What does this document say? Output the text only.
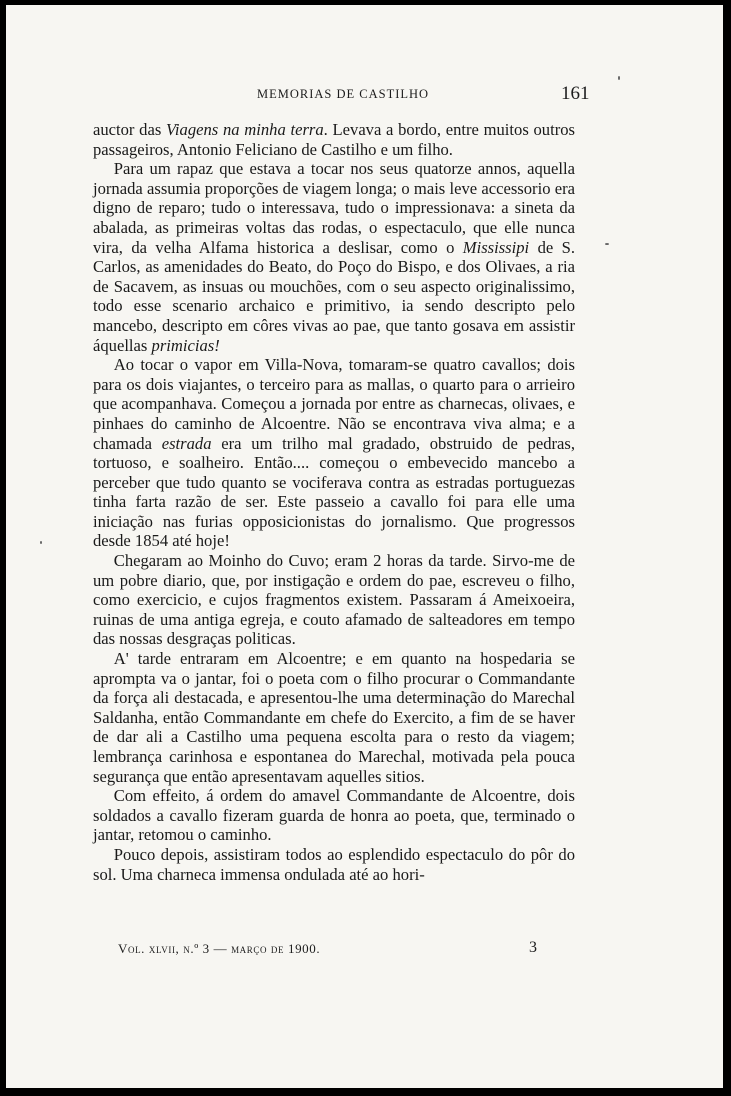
MEMORIAS DE CASTILHO	161

auctor das Viagens na minha terra. Levava a bordo, entre muitos outros passageiros, Antonio Feliciano de Castilho e um filho.

Para um rapaz que estava a tocar nos seus quatorze annos, aquella jornada assumia proporções de viagem longa; o mais leve accessorio era digno de reparo; tudo o interessava, tudo o impressionava: a sineta da abalada, as primeiras voltas das rodas, o espectaculo, que elle nunca vira, da velha Alfama historica a deslisar, como o Mississipi de S. Carlos, as amenidades do Beato, do Poço do Bispo, e dos Olivaes, a ria de Sacavem, as insuas ou mouchões, com o seu aspecto originalissimo, todo esse scenario archaico e primitivo, ia sendo descripto pelo mancebo, descripto em côres vivas ao pae, que tanto gosava em assistir áquellas primicias!

Ao tocar o vapor em Villa-Nova, tomaram-se quatro cavallos; dois para os dois viajantes, o terceiro para as mallas, o quarto para o arrieiro que acompanhava. Começou a jornada por entre as charnecas, olivaes, e pinhaes do caminho de Alcoentre. Não se encontrava viva alma; e a chamada estrada era um trilho mal gradado, obstruido de pedras, tortuoso, e soalheiro. Então.... começou o embevecido mancebo a perceber que tudo quanto se vociferava contra as estradas portuguezas tinha farta razão de ser. Este passeio a cavallo foi para elle uma iniciação nas furias opposicionistas do jornalismo. Que progressos desde 1854 até hoje!

Chegaram ao Moinho do Cuvo; eram 2 horas da tarde. Sirvo-me de um pobre diario, que, por instigação e ordem do pae, escreveu o filho, como exercicio, e cujos fragmentos existem. Passaram á Ameixoeira, ruinas de uma antiga egreja, e couto afamado de salteadores em tempo das nossas desgraças politicas.

A' tarde entraram em Alcoentre; e em quanto na hospedaria se aprompta va o jantar, foi o poeta com o filho procurar o Commandante da força ali destacada, e apresentou-lhe uma determinação do Marechal Saldanha, então Commandante em chefe do Exercito, a fim de se haver de dar ali a Castilho uma pequena escolta para o resto da viagem; lembrança carinhosa e espontanea do Marechal, motivada pela pouca segurança que então apresentavam aquelles sitios.

Com effeito, á ordem do amavel Commandante de Alcoentre, dois soldados a cavallo fizeram guarda de honra ao poeta, que, terminado o jantar, retomou o caminho.

Pouco depois, assistiram todos ao esplendido espectaculo do pôr do sol. Uma charneca immensa ondulada até ao hori-

Vol. xlvii, n.º 3 — março de 1900.	3
